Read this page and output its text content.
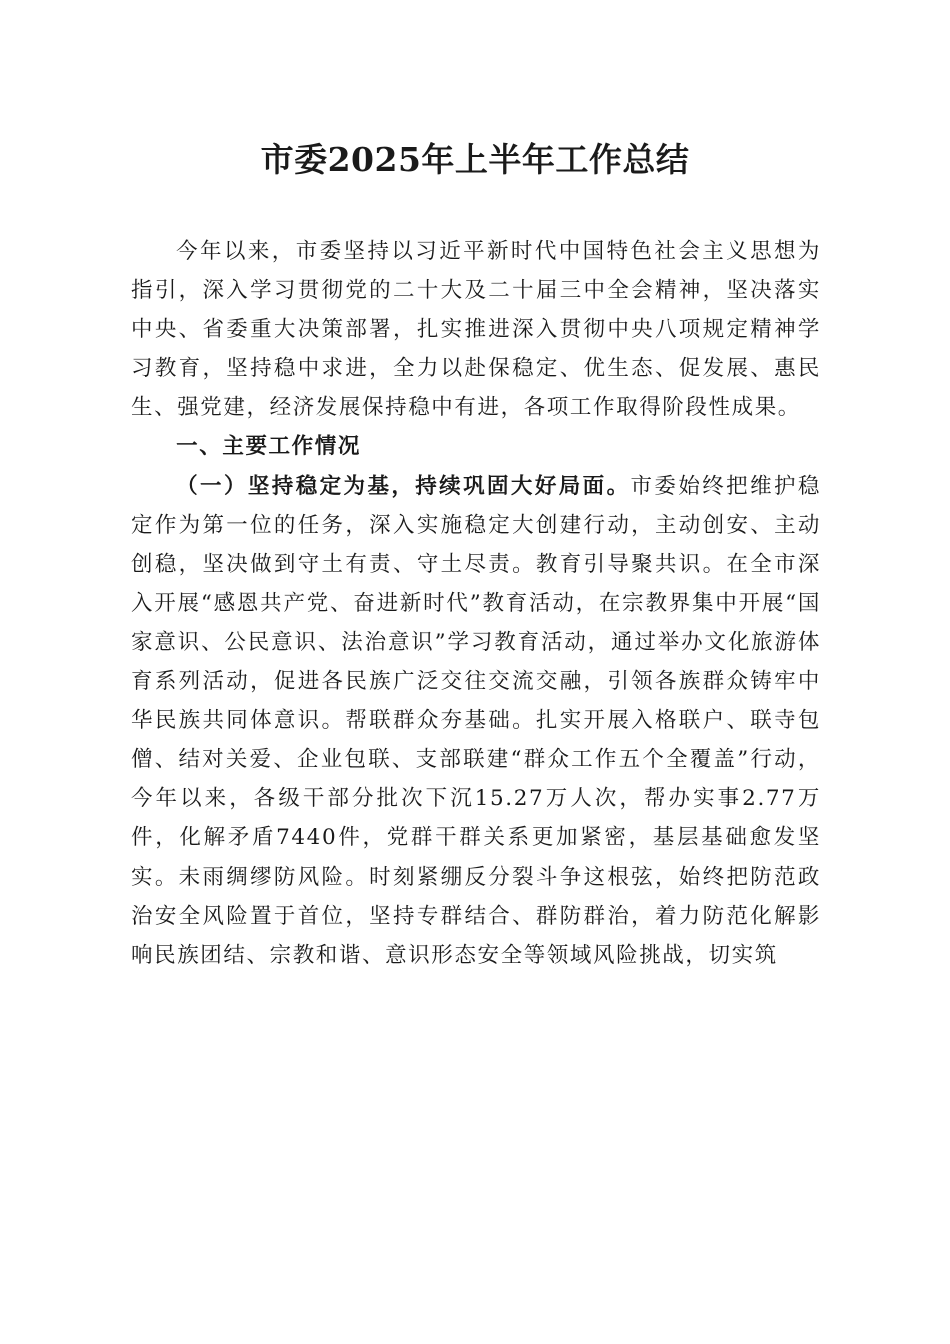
市委2025年上半年工作总结

今年以来，市委坚持以习近平新时代中国特色社会主义思想为指引，深入学习贯彻党的二十大及二十届三中全会精神，坚决落实中央、省委重大决策部署，扎实推进深入贯彻中央八项规定精神学习教育，坚持稳中求进，全力以赴保稳定、优生态、促发展、惠民生、强党建，经济发展保持稳中有进，各项工作取得阶段性成果。

一、主要工作情况

（一）坚持稳定为基，持续巩固大好局面。市委始终把维护稳定作为第一位的任务，深入实施稳定大创建行动，主动创安、主动创稳，坚决做到守土有责、守土尽责。教育引导聚共识。在全市深入开展“感恩共产党、奋进新时代”教育活动，在宗教界集中开展“国家意识、公民意识、法治意识”学习教育活动，通过举办文化旅游体育系列活动，促进各民族广泛交往交流交融，引领各族群众铸牢中华民族共同体意识。帮联群众夯基础。扎实开展入格联户、联寺包僧、结对关爱、企业包联、支部联建“群众工作五个全覆盖”行动，今年以来，各级干部分批次下沉15.27万人次，帮办实事2.77万件，化解矛盾7440件，党群干群关系更加紧密，基层基础愈发坚实。未雨绸缪防风险。时刻紧绷反分裂斗争这根弦，始终把防范政治安全风险置于首位，坚持专群结合、群防群治，着力防范化解影响民族团结、宗教和谐、意识形态安全等领域风险挑战，切实筑
